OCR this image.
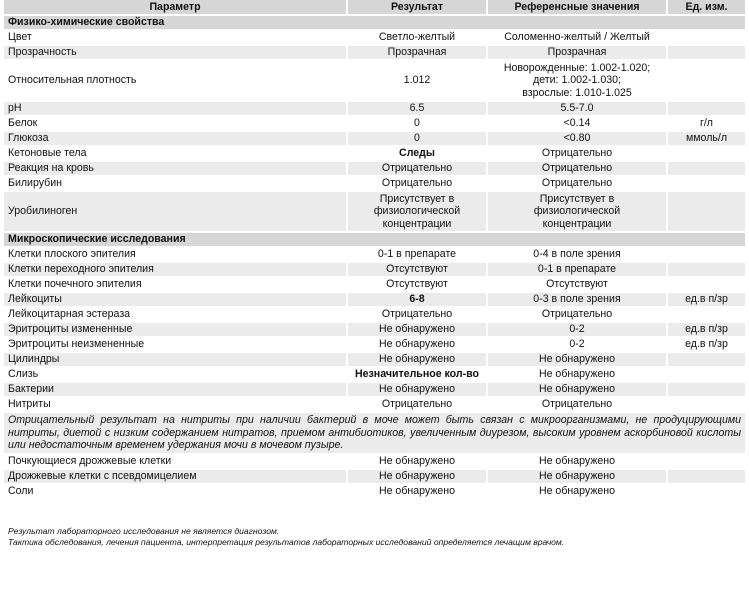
Параметр	Результат	Референсные значения	Ед. изм.
Физико-химические свойства			
Цвет	Светло-желтый	Соломенно-желтый / Желтый	
Прозрачность	Прозрачная	Прозрачная	
Относительная плотность	1.012	Новорожденные: 1.002-1.020;
дети: 1.002-1.030;
взрослые: 1.010-1.025	
pH	6.5	5.5-7.0	
Белок	0	<0.14	г/л
Глюкоза	0	<0.80	ммоль/л
Кетоновые тела	Следы	Отрицательно	
Реакция на кровь	Отрицательно	Отрицательно	
Билирубин	Отрицательно	Отрицательно	
Уробилиноген	Присутствует в
физиологической
концентрации	Присутствует в
физиологической
концентрации	
Микроскопические исследования			
Клетки плоского эпителия	0-1 в препарате	0-4 в поле зрения	
Клетки переходного эпителия	Отсутствуют	0-1 в препарате	
Клетки почечного эпителия	Отсутствуют	Отсутствуют	
Лейкоциты	6-8	0-3 в поле зрения	ед.в п/зр
Лейкоцитарная эстераза	Отрицательно	Отрицательно	
Эритроциты измененные	Не обнаружено	0-2	ед.в п/зр
Эритроциты неизмененные	Не обнаружено	0-2	ед.в п/зр
Цилиндры	Не обнаружено	Не обнаружено	
Слизь	Незначительное кол-во	Не обнаружено	
Бактерии	Не обнаружено	Не обнаружено	
Нитриты	Отрицательно	Отрицательно	
Отрицательный результат на нитриты при наличии бактерий в моче может быть связан с микроорганизмами, не продуцирующими нитриты, диетой с низким содержанием нитратов, приемом антибиотиков, увеличенным диурезом, высоким уровнем аскорбиновой кислоты или недостаточным временем удержания мочи в мочевом пузыре.			
Почкующиеся дрожжевые клетки	Не обнаружено	Не обнаружено	
Дрожжевые клетки с псевдомицелием	Не обнаружено	Не обнаружено	
Соли	Не обнаружено	Не обнаружено	
Результат лабораторного исследования не является диагнозом.
Тактика обследования, лечения пациента, интерпретация результатов лабораторных исследований определяется лечащим врачом.
